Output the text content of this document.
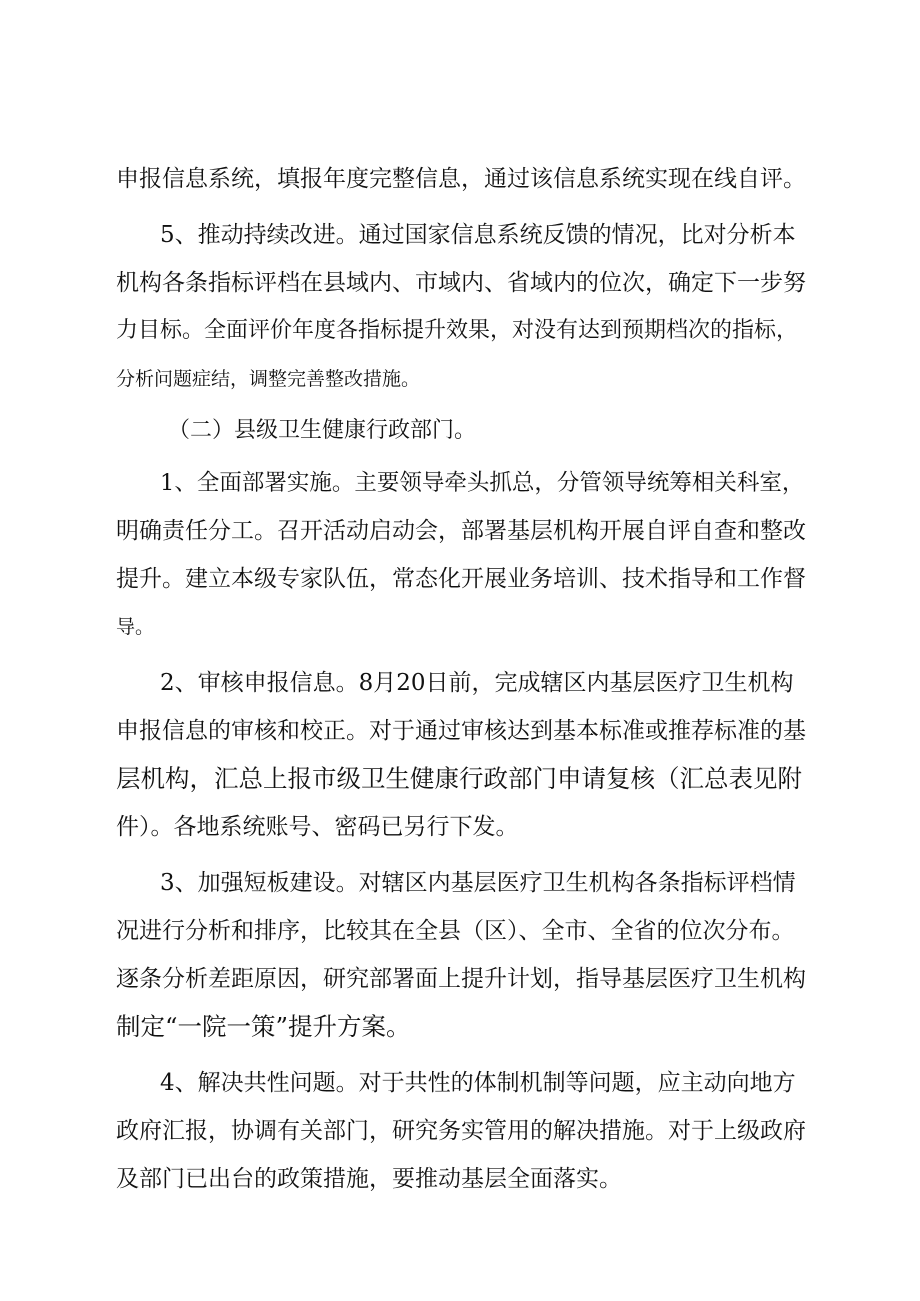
申报信息系统，填报年度完整信息，通过该信息系统实现在线自评。
5、推动持续改进。通过国家信息系统反馈的情况，比对分析本
机构各条指标评档在县域内、市域内、省域内的位次，确定下一步努
力目标。全面评价年度各指标提升效果，对没有达到预期档次的指标，
分析问题症结，调整完善整改措施。
（二）县级卫生健康行政部门。
1、全面部署实施。主要领导牵头抓总，分管领导统筹相关科室，
明确责任分工。召开活动启动会，部署基层机构开展自评自查和整改
提升。建立本级专家队伍，常态化开展业务培训、技术指导和工作督
导。
2、审核申报信息。8月20日前，完成辖区内基层医疗卫生机构
申报信息的审核和校正。对于通过审核达到基本标准或推荐标准的基
层机构，汇总上报市级卫生健康行政部门申请复核（汇总表见附
件）。各地系统账号、密码已另行下发。
3、加强短板建设。对辖区内基层医疗卫生机构各条指标评档情
况进行分析和排序，比较其在全县（区）、全市、全省的位次分布。
逐条分析差距原因，研究部署面上提升计划，指导基层医疗卫生机构
制定“一院一策”提升方案。
4、解决共性问题。对于共性的体制机制等问题，应主动向地方
政府汇报，协调有关部门，研究务实管用的解决措施。对于上级政府
及部门已出台的政策措施，要推动基层全面落实。
